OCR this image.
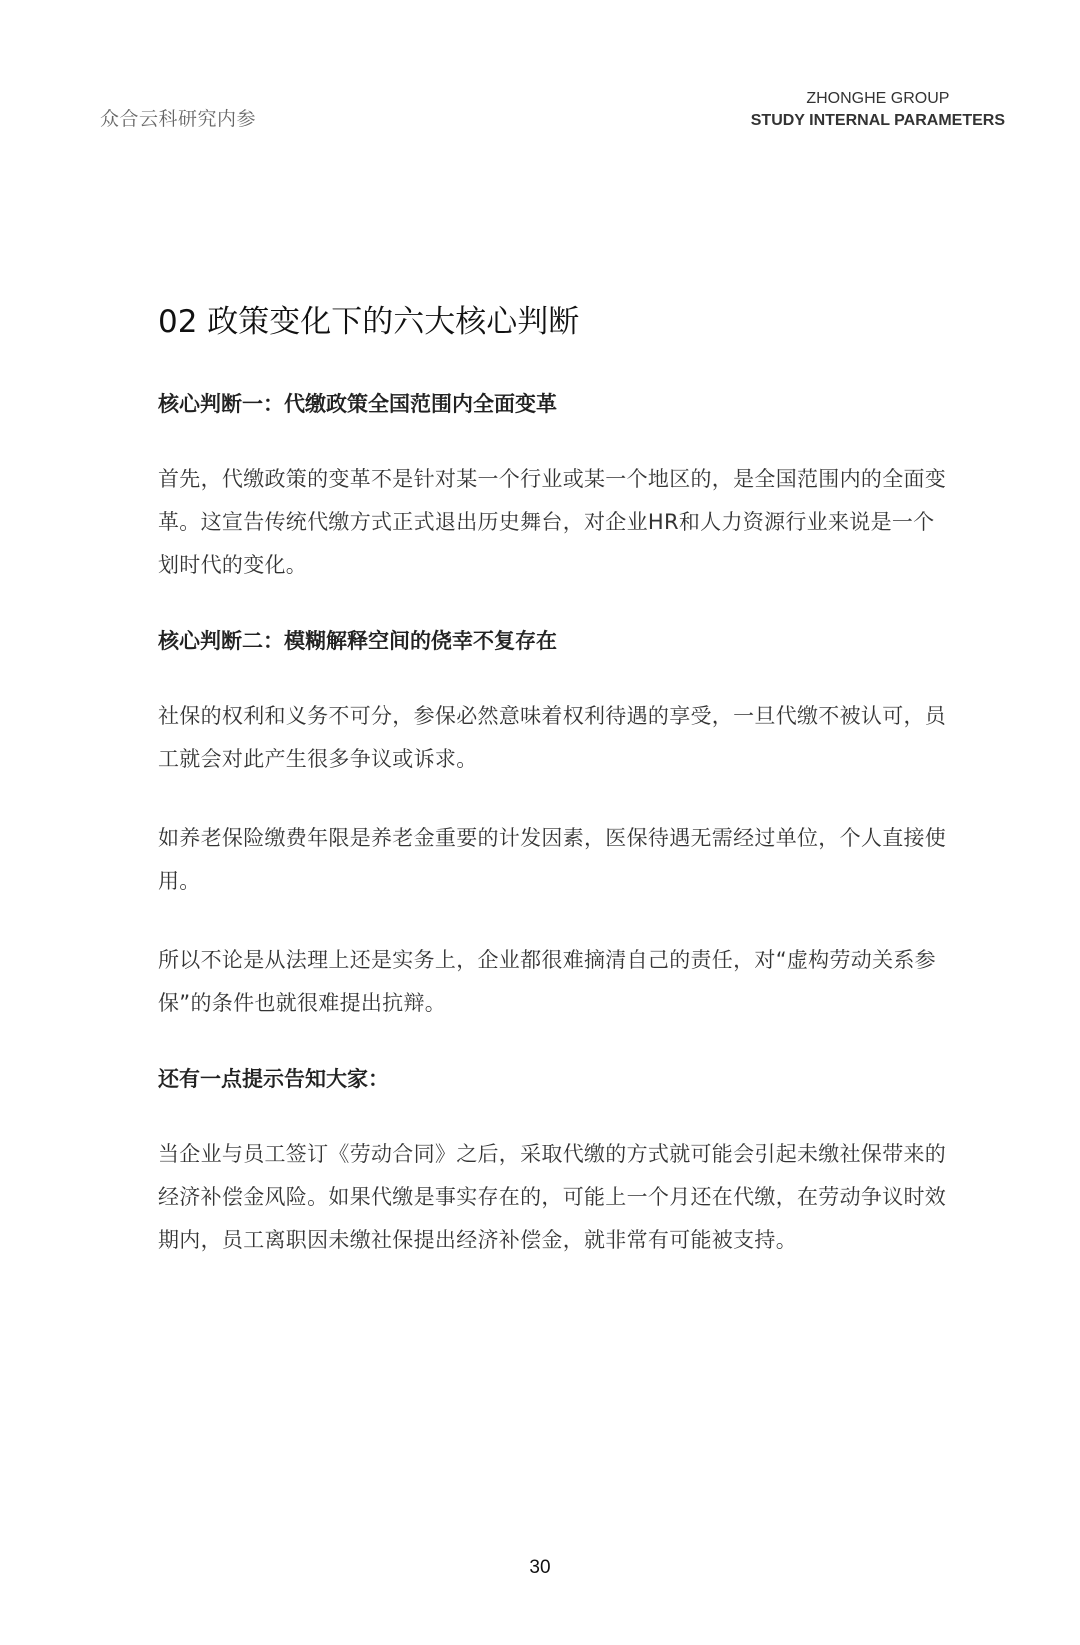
众合云科研究内参
ZHONGHE GROUP
STUDY INTERNAL PARAMETERS
02 政策变化下的六大核心判断
核心判断一：代缴政策全国范围内全面变革
首先，代缴政策的变革不是针对某一个行业或某一个地区的，是全国范围内的全面变革。这宣告传统代缴方式正式退出历史舞台，对企业HR和人力资源行业来说是一个划时代的变化。
核心判断二：模糊解释空间的侥幸不复存在
社保的权利和义务不可分，参保必然意味着权利待遇的享受，一旦代缴不被认可，员工就会对此产生很多争议或诉求。
如养老保险缴费年限是养老金重要的计发因素，医保待遇无需经过单位，个人直接使用。
所以不论是从法理上还是实务上，企业都很难摘清自己的责任，对“虚构劳动关系参保”的条件也就很难提出抗辩。
还有一点提示告知大家：
当企业与员工签订《劳动合同》之后，采取代缴的方式就可能会引起未缴社保带来的经济补偿金风险。如果代缴是事实存在的，可能上一个月还在代缴，在劳动争议时效期内，员工离职因未缴社保提出经济补偿金，就非常有可能被支持。
30
